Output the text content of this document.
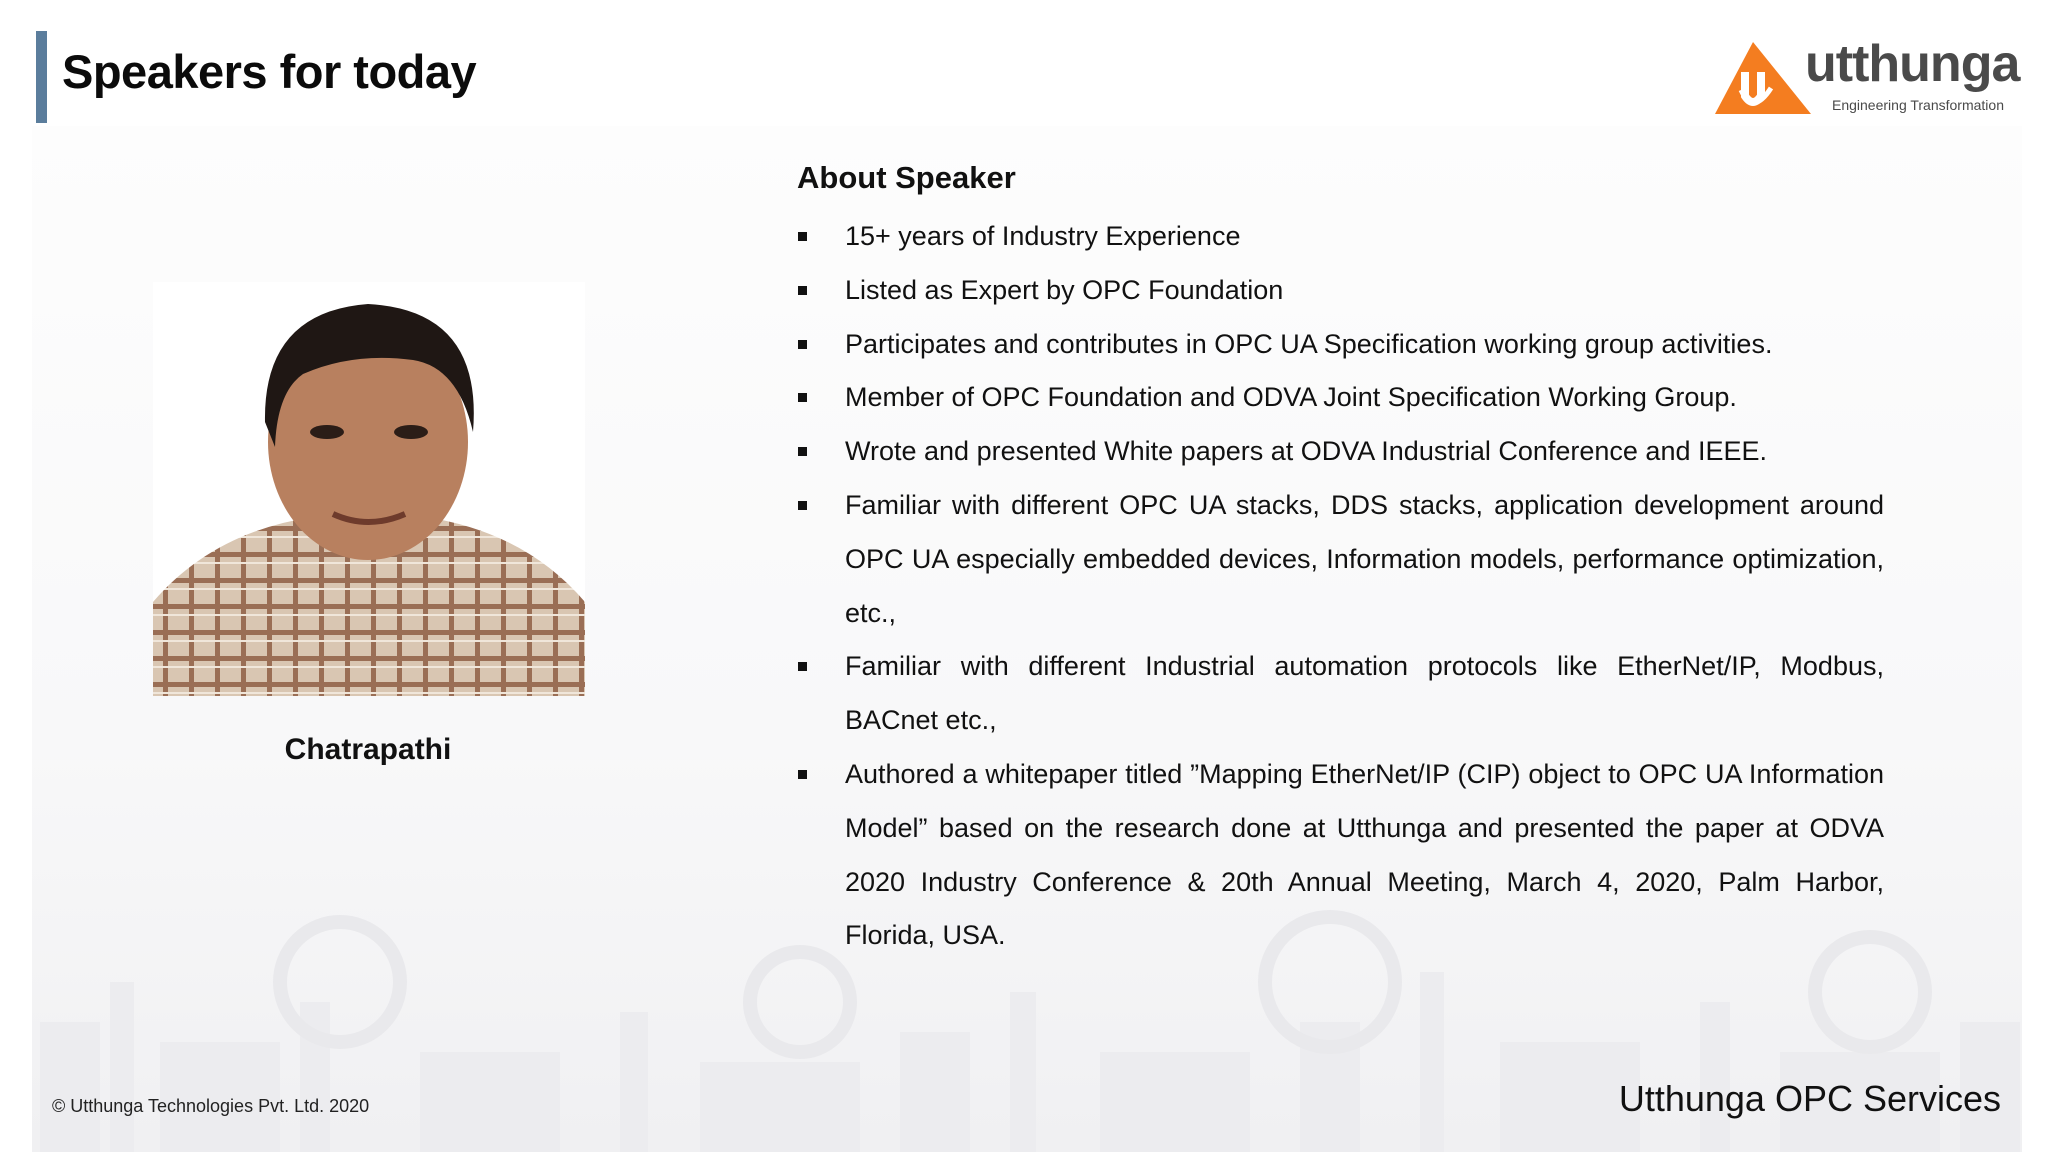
Speakers for today	utthunga
Engineering Transformation
Chatrapathi
About Speaker
15+ years of Industry Experience
Listed as Expert by OPC Foundation
Participates and contributes in OPC UA Specification working group activities.
Member of OPC Foundation and ODVA Joint Specification Working Group.
Wrote and presented White papers at ODVA Industrial Conference and IEEE.
Familiar with different OPC UA stacks, DDS stacks, application development around OPC UA especially embedded devices, Information models, performance optimization, etc.,
Familiar with different Industrial automation protocols like EtherNet/IP, Modbus, BACnet etc.,
Authored a whitepaper titled ”Mapping EtherNet/IP (CIP) object to OPC UA Information Model” based on the research done at Utthunga and presented the paper at ODVA 2020 Industry Conference & 20th Annual Meeting, March 4, 2020, Palm Harbor, Florida, USA.
© Utthunga Technologies Pvt. Ltd. 2020	Utthunga OPC Services
